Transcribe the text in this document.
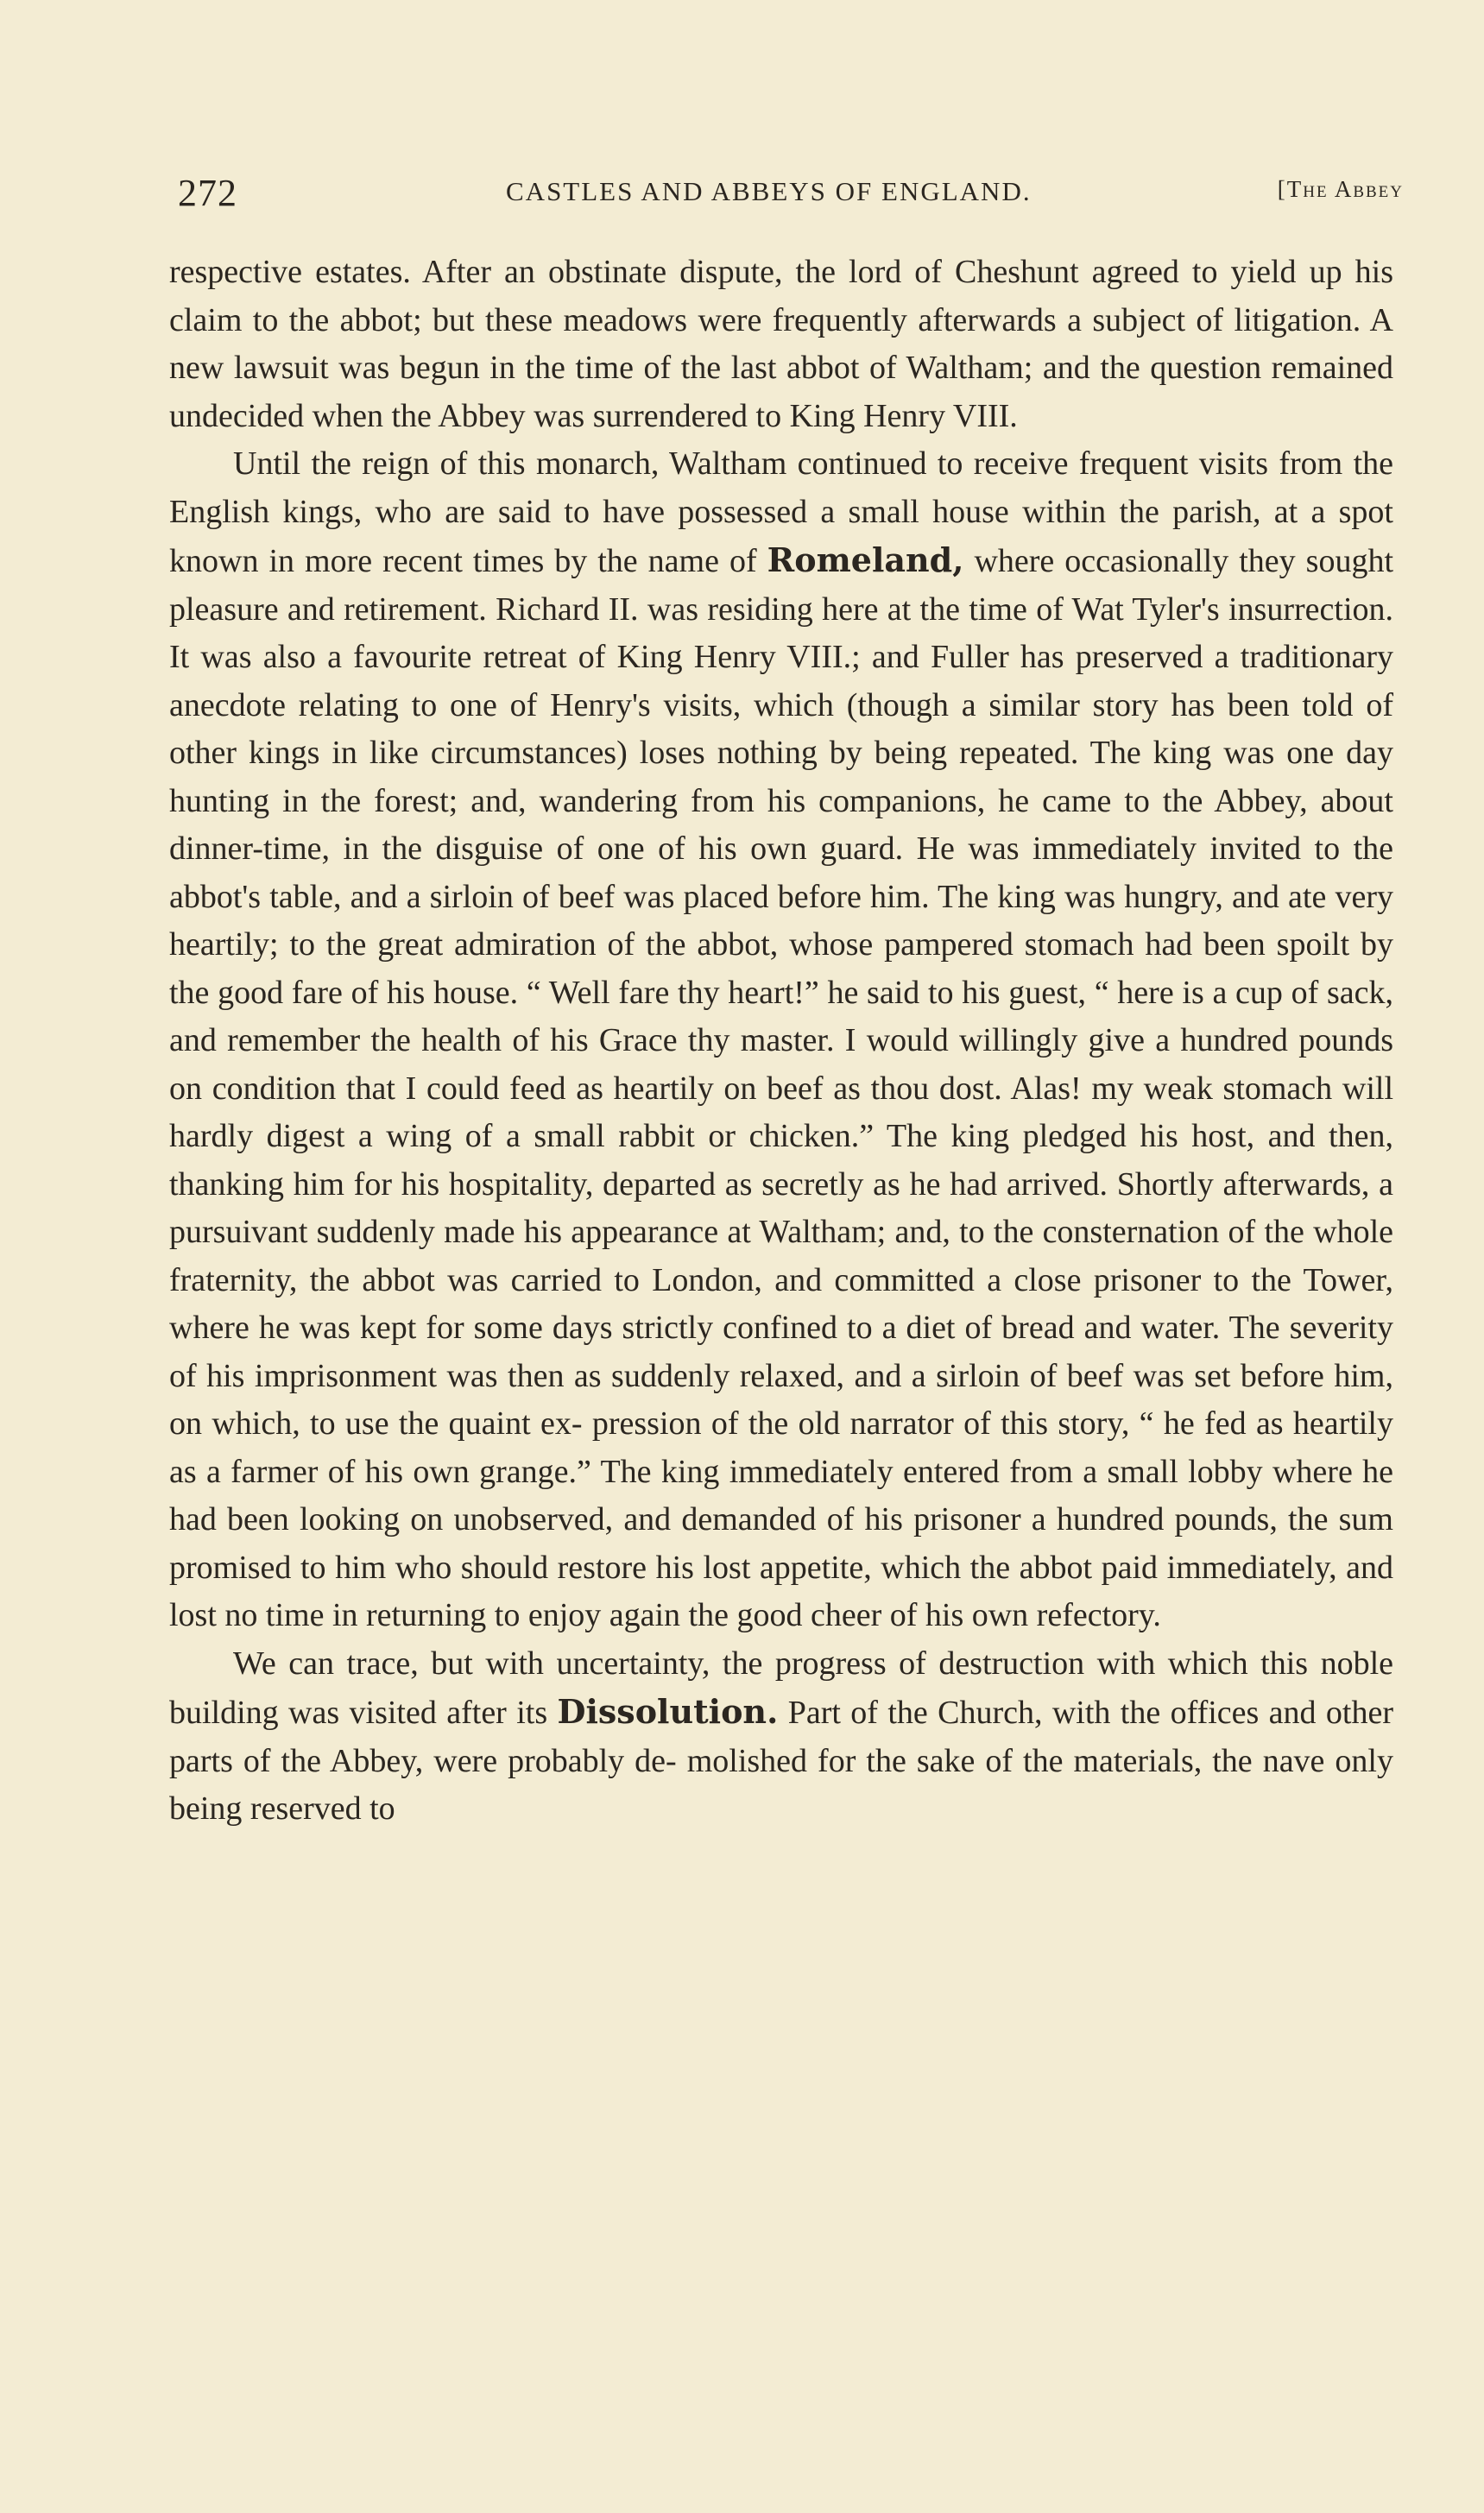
272	CASTLES AND ABBEYS OF ENGLAND.	[The Abbey

respective estates. After an obstinate dispute, the lord of Cheshunt agreed to yield up his claim to the abbot; but these meadows were frequently afterwards a subject of litigation. A new lawsuit was begun in the time of the last abbot of Waltham; and the question remained undecided when the Abbey was surrendered to King Henry VIII.

Until the reign of this monarch, Waltham continued to receive frequent visits from the English kings, who are said to have possessed a small house within the parish, at a spot known in more recent times by the name of Romeland, where occasionally they sought pleasure and retirement. Richard II. was residing here at the time of Wat Tyler's insurrection. It was also a favourite retreat of King Henry VIII.; and Fuller has preserved a traditionary anecdote relating to one of Henry's visits, which (though a similar story has been told of other kings in like circumstances) loses nothing by being repeated. The king was one day hunting in the forest; and, wandering from his companions, he came to the Abbey, about dinner-time, in the disguise of one of his own guard. He was immediately invited to the abbot's table, and a sirloin of beef was placed before him. The king was hungry, and ate very heartily; to the great admiration of the abbot, whose pampered stomach had been spoilt by the good fare of his house. “ Well fare thy heart!” he said to his guest, “ here is a cup of sack, and remember the health of his Grace thy master. I would willingly give a hundred pounds on condition that I could feed as heartily on beef as thou dost. Alas! my weak stomach will hardly digest a wing of a small rabbit or chicken.” The king pledged his host, and then, thanking him for his hospitality, departed as secretly as he had arrived. Shortly afterwards, a pursuivant suddenly made his appearance at Waltham; and, to the consternation of the whole fraternity, the abbot was carried to London, and committed a close prisoner to the Tower, where he was kept for some days strictly confined to a diet of bread and water. The severity of his imprisonment was then as suddenly relaxed, and a sirloin of beef was set before him, on which, to use the quaint ex- pression of the old narrator of this story, “ he fed as heartily as a farmer of his own grange.” The king immediately entered from a small lobby where he had been looking on unobserved, and demanded of his prisoner a hundred pounds, the sum promised to him who should restore his lost appetite, which the abbot paid immediately, and lost no time in returning to enjoy again the good cheer of his own refectory.

We can trace, but with uncertainty, the progress of destruction with which this noble building was visited after its Dissolution. Part of the Church, with the offices and other parts of the Abbey, were probably de- molished for the sake of the materials, the nave only being reserved to
